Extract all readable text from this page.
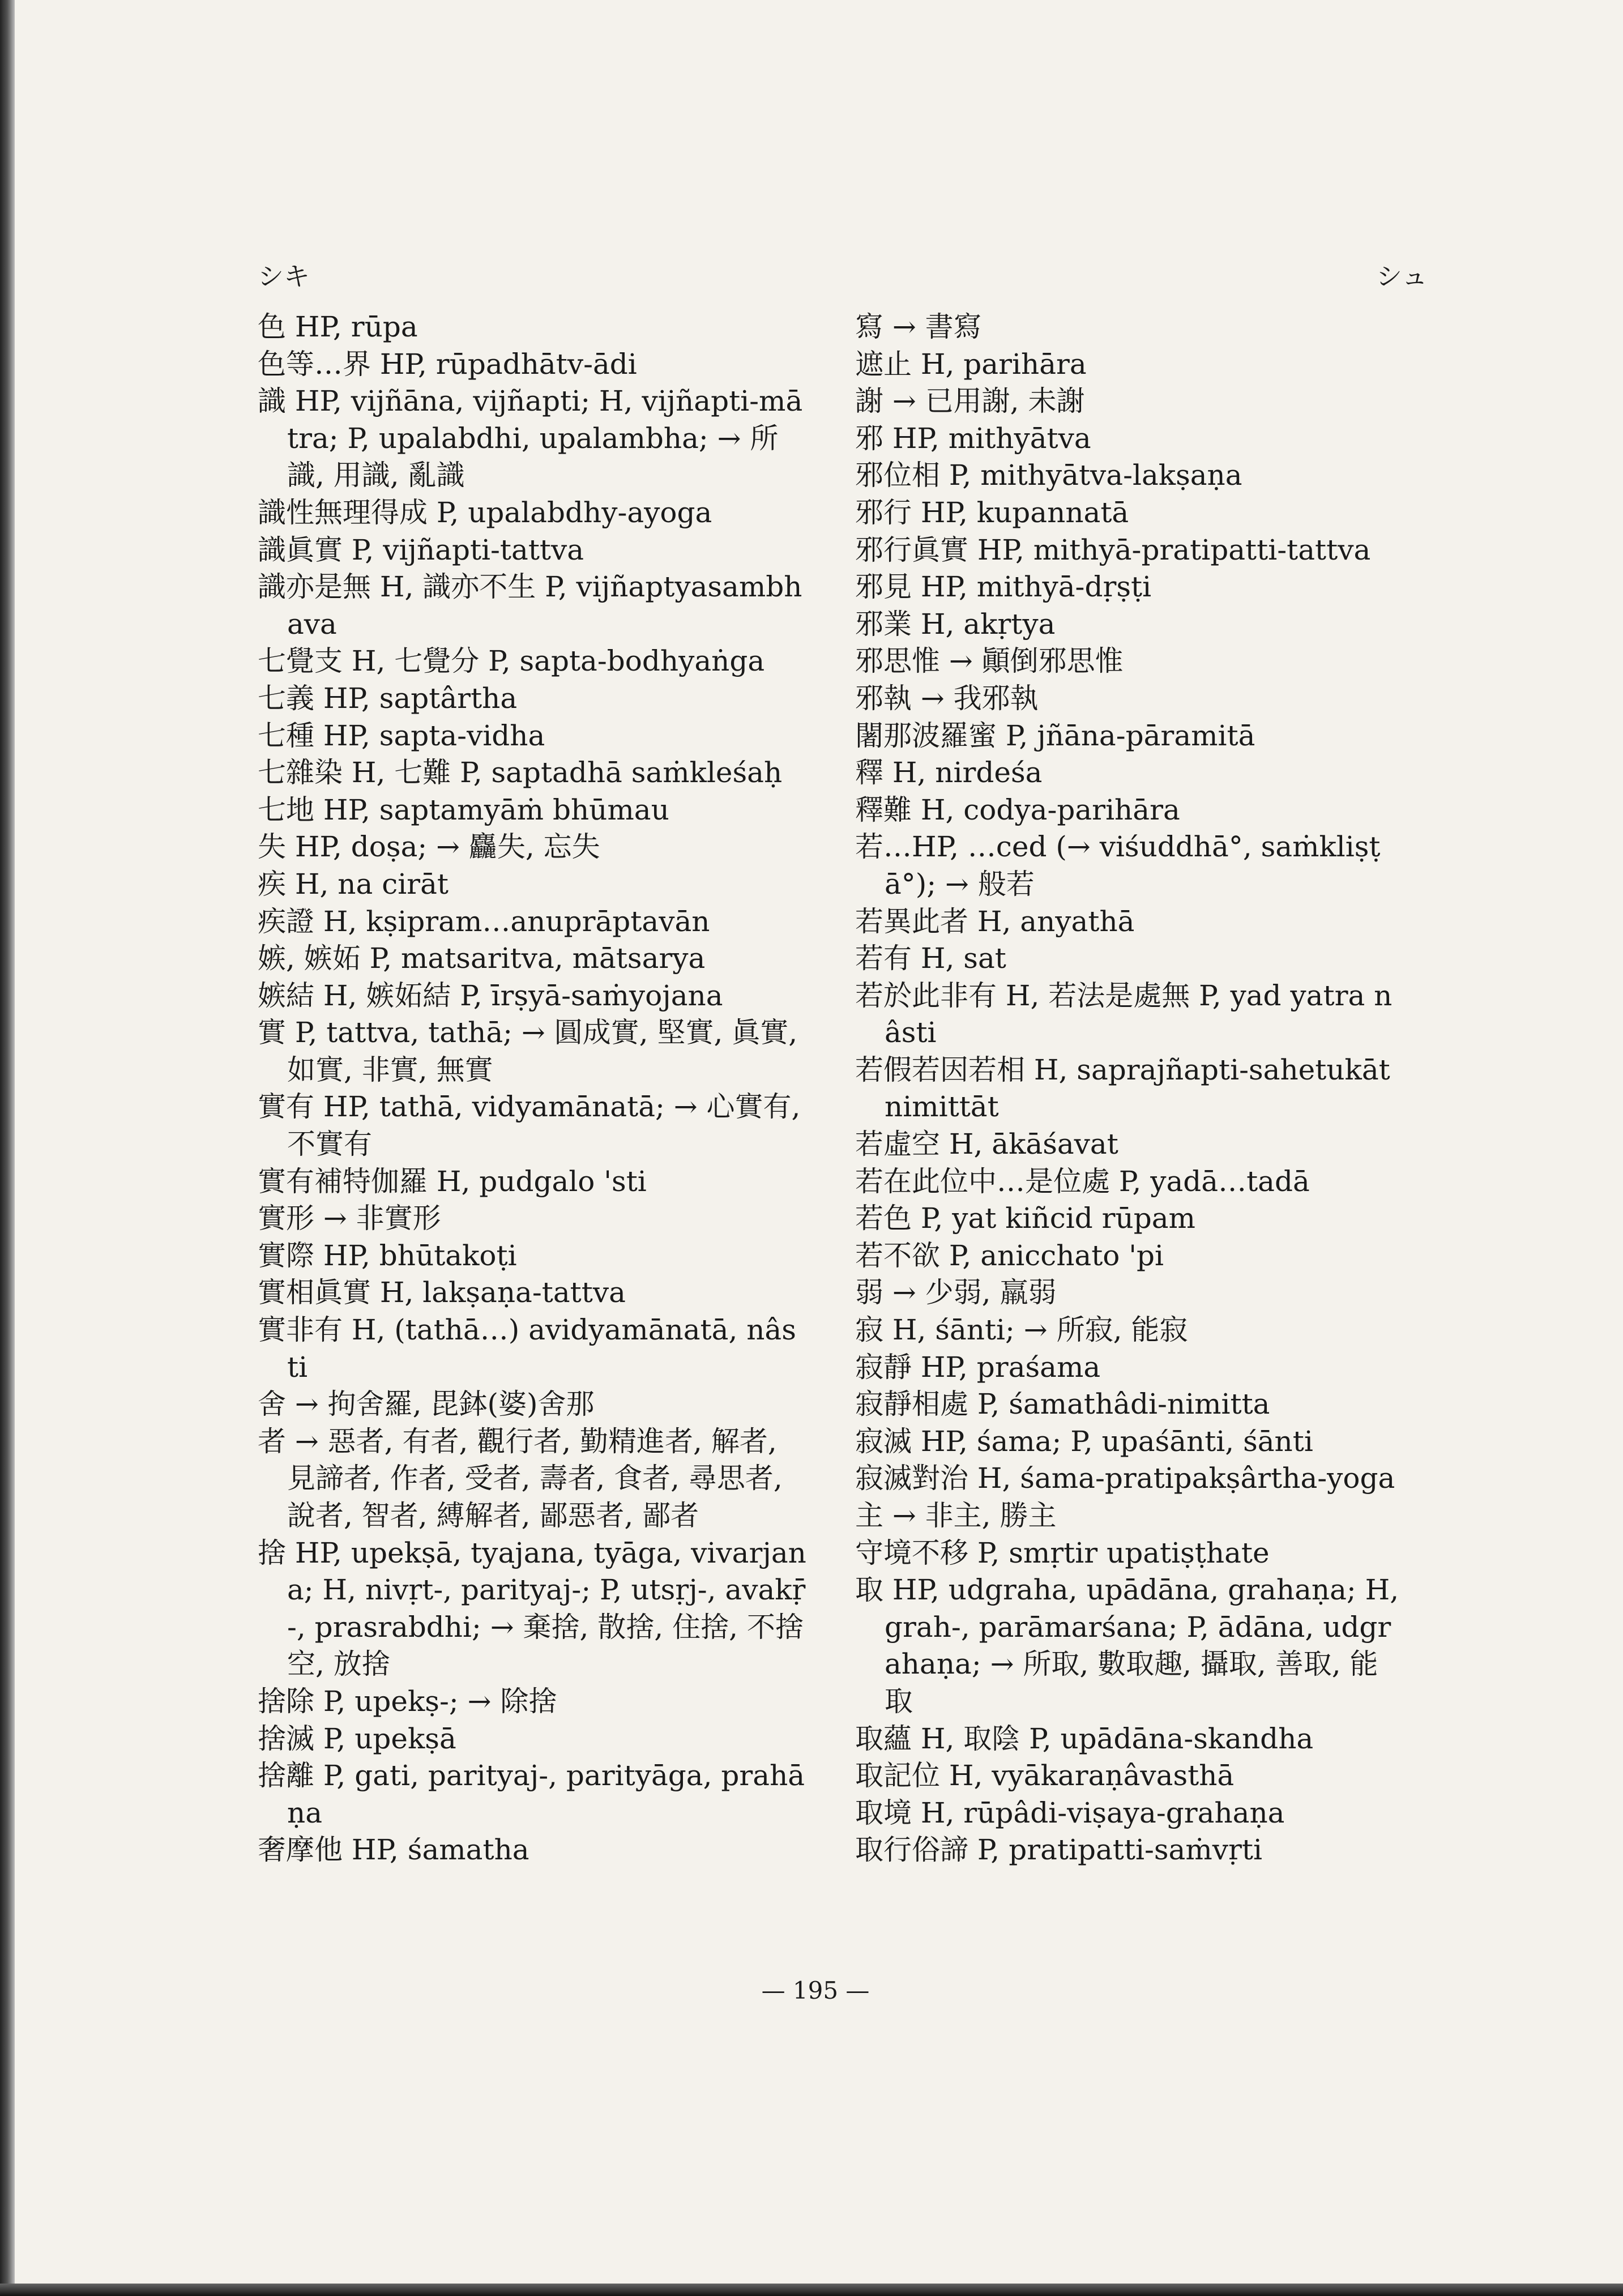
シキ	シュ

色 HP, rūpa

色等…界 HP, rūpadhātv-ādi

識 HP, vijñāna, vijñapti; H, vijñapti-mātra; P, upalabdhi, upalambha; → 所識, 用識, 亂識

識性無理得成 P, upalabdhy-ayoga

識眞實 P, vijñapti-tattva

識亦是無 H, 識亦不生 P, vijñaptyasambhava

七覺支 H, 七覺分 P, sapta-bodhyaṅga

七義 HP, saptârtha

七種 HP, sapta-vidha

七雜染 H, 七難 P, saptadhā saṁkleśaḥ

七地 HP, saptamyāṁ bhūmau

失 HP, doṣa; → 麤失, 忘失

疾 H, na cirāt

疾證 H, kṣipram…anuprāptavān

嫉, 嫉妬 P, matsaritva, mātsarya

嫉結 H, 嫉妬結 P, īrṣyā-saṁyojana

實 P, tattva, tathā; → 圓成實, 堅實, 眞實, 如實, 非實, 無實

實有 HP, tathā, vidyamānatā; → 心實有, 不實有

實有補特伽羅 H, pudgalo 'sti

實形 → 非實形

實際 HP, bhūtakoṭi

實相眞實 H, lakṣaṇa-tattva

實非有 H, (tathā…) avidyamānatā, nâsti

舍 → 拘舍羅, 毘鉢(婆)舍那

者 → 惡者, 有者, 觀行者, 勤精進者, 解者, 見諦者, 作者, 受者, 壽者, 食者, 尋思者, 說者, 智者, 縛解者, 鄙惡者, 鄙者

捨 HP, upekṣā, tyajana, tyāga, vivarjana; H, nivṛt-, parityaj-; P, utsṛj-, avakṝ-, prasrabdhi; → 棄捨, 散捨, 住捨, 不捨空, 放捨

捨除 P, upekṣ-; → 除捨

捨滅 P, upekṣā

捨離 P, gati, parityaj-, parityāga, prahāṇa

奢摩他 HP, śamatha

寫 → 書寫

遮止 H, parihāra

謝 → 已用謝, 未謝

邪 HP, mithyātva

邪位相 P, mithyātva-lakṣaṇa

邪行 HP, kupannatā

邪行眞實 HP, mithyā-pratipatti-tattva

邪見 HP, mithyā-dṛṣṭi

邪業 H, akṛtya

邪思惟 → 顚倒邪思惟

邪執 → 我邪執

闍那波羅蜜 P, jñāna-pāramitā

釋 H, nirdeśa

釋難 H, codya-parihāra

若…HP, …ced (→ viśuddhā°, saṁkliṣṭā°); → 般若

若異此者 H, anyathā

若有 H, sat

若於此非有 H, 若法是處無 P, yad yatra nâsti

若假若因若相 H, saprajñapti-sahetukāt nimittāt

若虛空 H, ākāśavat

若在此位中…是位處 P, yadā…tadā

若色 P, yat kiñcid rūpam

若不欲 P, anicchato 'pi

弱 → 少弱, 羸弱

寂 H, śānti; → 所寂, 能寂

寂靜 HP, praśama

寂靜相處 P, śamathâdi-nimitta

寂滅 HP, śama; P, upaśānti, śānti

寂滅對治 H, śama-pratipakṣârtha-yoga

主 → 非主, 勝主

守境不移 P, smṛtir upatiṣṭhate

取 HP, udgraha, upādāna, grahaṇa; H, grah-, parāmarśana; P, ādāna, udgrahaṇa; → 所取, 數取趣, 攝取, 善取, 能取

取蘊 H, 取陰 P, upādāna-skandha

取記位 H, vyākaraṇâvasthā

取境 H, rūpâdi-viṣaya-grahaṇa

取行俗諦 P, pratipatti-saṁvṛti

— 195 —
